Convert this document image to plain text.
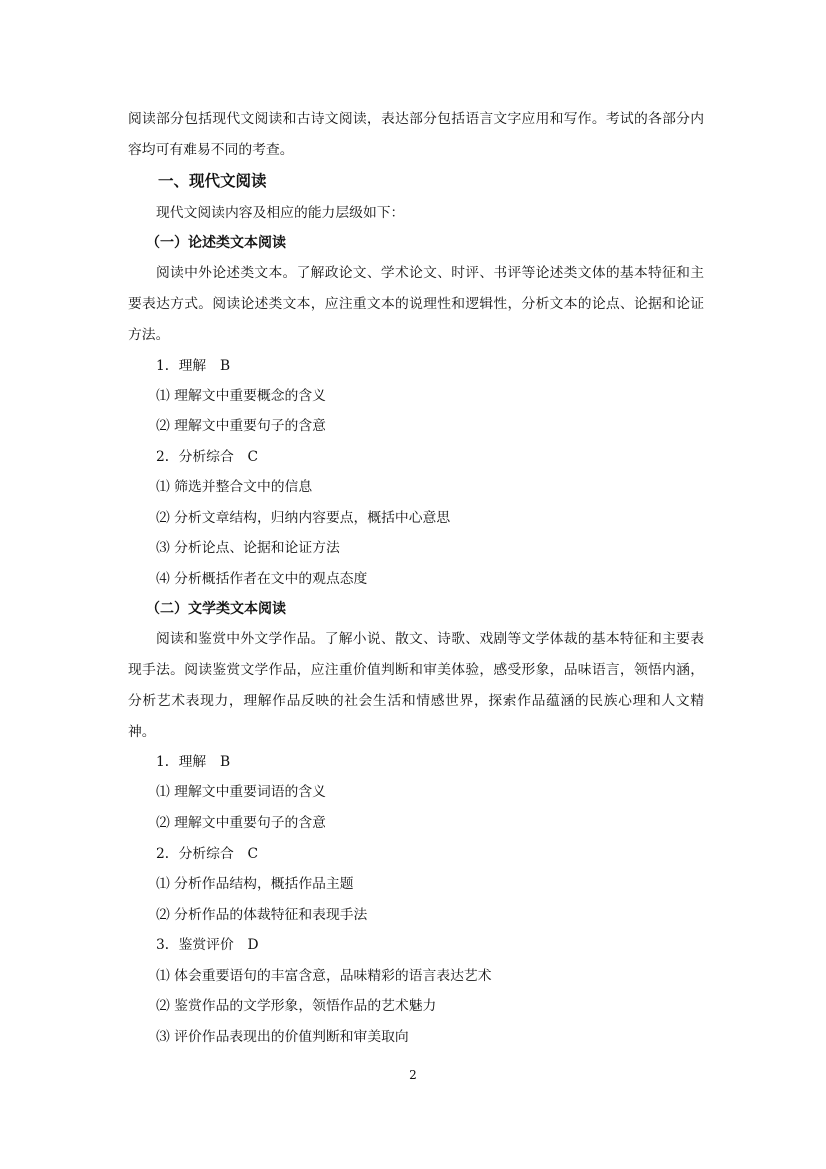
阅读部分包括现代文阅读和古诗文阅读，表达部分包括语言文字应用和写作。考试的各部分内容均可有难易不同的考查。

一、现代文阅读

现代文阅读内容及相应的能力层级如下：

（一）论述类文本阅读

阅读中外论述类文本。了解政论文、学术论文、时评、书评等论述类文体的基本特征和主要表达方式。阅读论述类文本，应注重文本的说理性和逻辑性，分析文本的论点、论据和论证方法。

1．理解　B

⑴ 理解文中重要概念的含义

⑵ 理解文中重要句子的含意

2．分析综合　C

⑴ 筛选并整合文中的信息

⑵ 分析文章结构，归纳内容要点，概括中心意思

⑶ 分析论点、论据和论证方法

⑷ 分析概括作者在文中的观点态度

（二）文学类文本阅读

阅读和鉴赏中外文学作品。了解小说、散文、诗歌、戏剧等文学体裁的基本特征和主要表现手法。阅读鉴赏文学作品，应注重价值判断和审美体验，感受形象，品味语言，领悟内涵，分析艺术表现力，理解作品反映的社会生活和情感世界，探索作品蕴涵的民族心理和人文精神。

1．理解　B

⑴ 理解文中重要词语的含义

⑵ 理解文中重要句子的含意

2．分析综合　C

⑴ 分析作品结构，概括作品主题

⑵ 分析作品的体裁特征和表现手法

3．鉴赏评价　D

⑴ 体会重要语句的丰富含意，品味精彩的语言表达艺术

⑵ 鉴赏作品的文学形象，领悟作品的艺术魅力

⑶ 评价作品表现出的价值判断和审美取向

2
